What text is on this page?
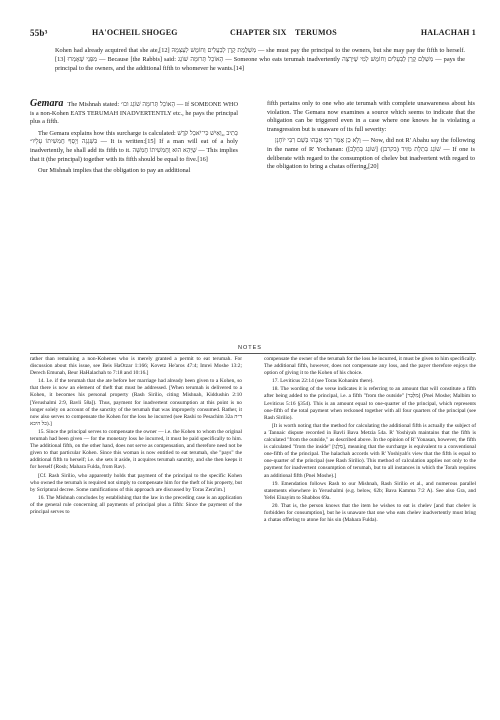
55b³	HA'OCHEIL SHOGEG	CHAPTER SIX TERUMOS	HALACHAH 1

Kohen had already acquired that she ate,[12] מְשַׁלֶּמֶת קֶרֶן לְבַעֲלִים וְחוֹמֶשׁ לְעַצְמָהּ — she must pay the principal to the owners, but she may pay the fifth to herself.[13] מִפְּנֵי שֶׁאָמְרוּ — Because [the Rabbis] said: הָאוֹכֵל תְּרוּמָה שׁוֹגֵג — Someone who eats terumah inadvertently מְשַׁלֵּם קֶרֶן לַבְּעָלִים וְחוֹמֶשׁ לְמִי שֶׁיִּרְצֶה — pays the principal to the owners, and the additional fifth to whomever he wants.[14]

Gemara The Mishnah stated: הָאוֹכֵל תְּרוּמָה שׁוֹגֵג וכו׳ — If SOMEONE WHO is a non-Kohen EATS TERUMAH INADVERTENTLY etc., he pays the principal plus a fifth.

The Gemara explains how this surcharge is calculated: כְּתִיב ,,וְאִישׁ כִּי־יֹאכַל קֹדֶשׁ בִּשְׁגָגָה וְיָסַף חֲמִשִׁיתוֹ עָלָיו״ — It is written:[15] If a man will eat of a holy inadvertently, he shall add its fifth to it. שֶׁיְּהֵא הוּא וַחֲמִשִׁיתוֹ חֲמִשָּׁה — This implies that it (the principal) together with its fifth should be equal to five.[16]

Our Mishnah implies that the obligation to pay an additional

fifth pertains only to one who ate terumah with complete unawareness about his violation. The Gemara now examines a source which seems to indicate that the obligation can be triggered even in a case where one knows he is violating a transgression but is unaware of its full severity:

וְלָא כֵן אָמַר רִבִּי אַבָּהוּ בְּשֵׁם רִבִּי יוֹחָנָן — Now, did not R' Abahu say the following in the name of R' Yochanan: (שׁוֹגֵג בִּתְלָת מְזִיד (בקרבן) [שׁוֹגֵג בְּחֵלֶב] — If one is deliberate with regard to the consumption of chelev but inadvertent with regard to the obligation to bring a chatas offering,[20]

NOTES

rather than remaining a non-Kohenes who is merely granted a permit to eat terumah. For discussion about this issue, see Beis HaOtzar 1:166; Kovetz He'aros 47:4; Imrei Moshe 13:2; Derech Emunah, Beur HaHalachah to 7:18 and 10:16.]

14. I.e. if the terumah that she ate before her marriage had already been given to a Kohen, so that there is now an element of theft that must be addressed. [When terumah is delivered to a Kohen, it becomes his personal property (Rash Sirilio, citing Mishnah, Kiddushin 2:10 [Yerushalmi 2:9, Bavli 58a]). Thus, payment for inadvertent consumption at this point is no longer solely on account of the sanctity of the terumah that was improperly consumed. Rather, it now also serves to compensate the Kohen for the loss he incurred (see Rashi to Pesachim 32a ד״ה כל היכא).]

15. Since the principal serves to compensate the owner — i.e. the Kohen to whom the original terumah had been given — for the monetary loss he incurred, it must be paid specifically to him. The additional fifth, on the other hand, does not serve as compensation, and therefore need not be given to that particular Kohen. Since this woman is now entitled to eat terumah, she "pays" the additional fifth to herself; i.e. she sets it aside, it acquires terumah sanctity, and she then keeps it for herself (Rosh; Mahara Fulda, from Rav).

[Cf. Rash Sirilio, who apparently holds that payment of the principal to the specific Kohen who owned the terumah is required not simply to compensate him for the theft of his property, but by Scriptural decree. Some ramifications of this approach are discussed by Toras Zera'im.]

16. The Mishnah concludes by establishing that the law in the preceding case is an application of the general rule concerning all payments of principal plus a fifth: Since the payment of the principal serves to

compensate the owner of the terumah for the loss he incurred, it must be given to him specifically. The additional fifth, however, does not compensate any loss, and the payer therefore enjoys the option of giving it to the Kohen of his choice.

17. Leviticus 22:14 (see Toras Kohanim there).

18. The wording of the verse indicates it is referring to an amount that will constitute a fifth after being added to the principal, i.e. a fifth "from the outside" [מִלְּבַר] (Pnei Moshe; Malbim to Leviticus 5:16 §354). This is an amount equal to one-quarter of the principal, which represents one-fifth of the total payment when reckoned together with all four quarters of the principal (see Rash Sirilio).

[It is worth noting that the method for calculating the additional fifth is actually the subject of a Tannaic dispute recorded in Bavli Bava Metzia 54a. R' Yoshiyah maintains that the fifth is calculated "from the outside," as described above. In the opinion of R' Yonasan, however, the fifth is calculated "from the inside" [מִלְּגָו], meaning that the surcharge is equivalent to a conventional one-fifth of the principal. The halachah accords with R' Yoshiyah's view that the fifth is equal to one-quarter of the principal (see Rash Sirilio). This method of calculation applies not only to the payment for inadvertent consumption of terumah, but to all instances in which the Torah requires an additional fifth (Pnei Moshe).]

19. Emendation follows Rash to our Mishnah, Rash Sirilio et al., and numerous parallel statements elsewhere in Yerushalmi (e.g. below, 62b; Bava Kamma 7:2 A). See also Gra, and Yefei Einayim to Shabbos 69a.

20. That is, the person knows that the item he wishes to eat is chelev [and that chelev is forbidden for consumption], but he is unaware that one who eats chelev inadvertently must bring a chatas offering to atone for his sin (Mahara Fulda).
